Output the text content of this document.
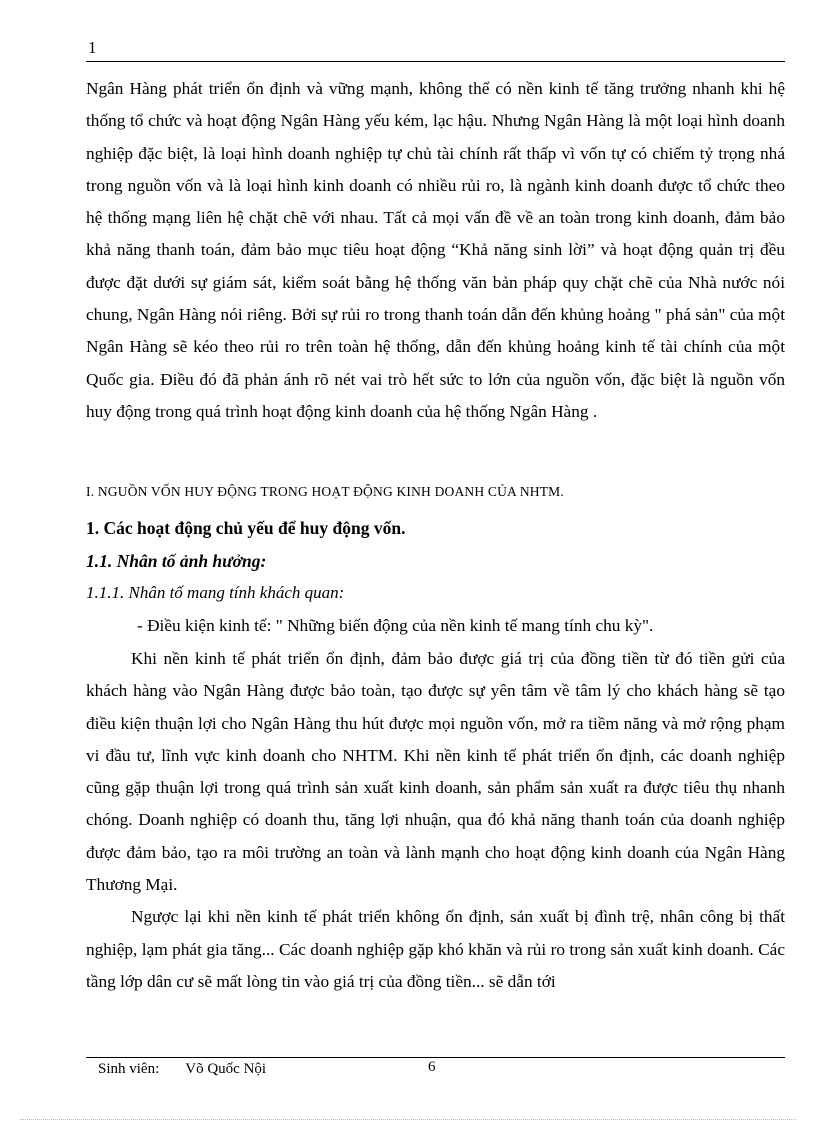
1

Ngân Hàng phát triển ổn định và vững mạnh, không thể có nền kinh tế tăng trưởng nhanh khi hệ thống tổ chức và hoạt động Ngân Hàng yếu kém, lạc hậu. Nhưng Ngân Hàng là một loại hình doanh nghiệp đặc biệt, là loại hình doanh nghiệp tự chủ tài chính rất thấp vì vốn tự có chiếm tỷ trọng nhá trong nguồn vốn và là loại hình kinh doanh có nhiều rủi ro, là ngành kinh doanh được tổ chức theo hệ thống mạng liên hệ chặt chẽ với nhau. Tất cả mọi vấn đề về an toàn trong kinh doanh, đảm bảo khả năng thanh toán, đảm bảo mục tiêu hoạt động “Khả năng sinh lời” và hoạt động quản trị đều được đặt dưới sự giám sát, kiểm soát bằng hệ thống văn bản pháp quy chặt chẽ của Nhà nước nói chung, Ngân Hàng nói riêng. Bởi sự rủi ro trong thanh toán dẫn đến khủng hoảng " phá sản" của một Ngân Hàng sẽ kéo theo rủi ro trên toàn hệ thống, dẫn đến khủng hoảng kinh tế tài chính của một Quốc gia. Điều đó đã phản ánh rõ nét vai trò hết sức to lớn của nguồn vốn, đặc biệt là nguồn vốn huy động trong quá trình hoạt động kinh doanh của hệ thống Ngân Hàng .

I. NGUỒN VỐN HUY ĐỘNG TRONG HOẠT ĐỘNG KINH DOANH CỦA NHTM.
1. Các hoạt động chủ yếu để huy động vốn.
1.1. Nhân tố ảnh hưởng:
1.1.1. Nhân tố mang tính khách quan:
- Điều kiện kinh tế: " Những biến động của nền kinh tế mang tính chu kỳ".

Khi nền kinh tế phát triển ổn định, đảm bảo được giá trị của đồng tiền từ đó tiền gửi của khách hàng vào Ngân Hàng được bảo toàn, tạo được sự yên tâm về tâm lý cho khách hàng sẽ tạo điều kiện thuận lợi cho Ngân Hàng thu hút được mọi nguồn vốn, mở ra tiềm năng và mở rộng phạm vi đầu tư, lĩnh vực kinh doanh cho NHTM. Khi nền kinh tế phát triển ổn định, các doanh nghiệp cũng gặp thuận lợi trong quá trình sản xuất kinh doanh, sản phẩm sản xuất ra được tiêu thụ nhanh chóng. Doanh nghiệp có doanh thu, tăng lợi nhuận, qua đó khả năng thanh toán của doanh nghiệp được đảm bảo, tạo ra môi trường an toàn và lành mạnh cho hoạt động kinh doanh của Ngân Hàng Thương Mại.

Ngược lại khi nền kinh tế phát triển không ổn định, sản xuất bị đình trệ, nhân công bị thất nghiệp, lạm phát gia tăng... Các doanh nghiệp gặp khó khăn và rủi ro trong sản xuất kinh doanh. Các tầng lớp dân cư sẽ mất lòng tin vào giá trị của đồng tiền... sẽ dẫn tới

Sinh viên: Võ Quốc Nội	6
